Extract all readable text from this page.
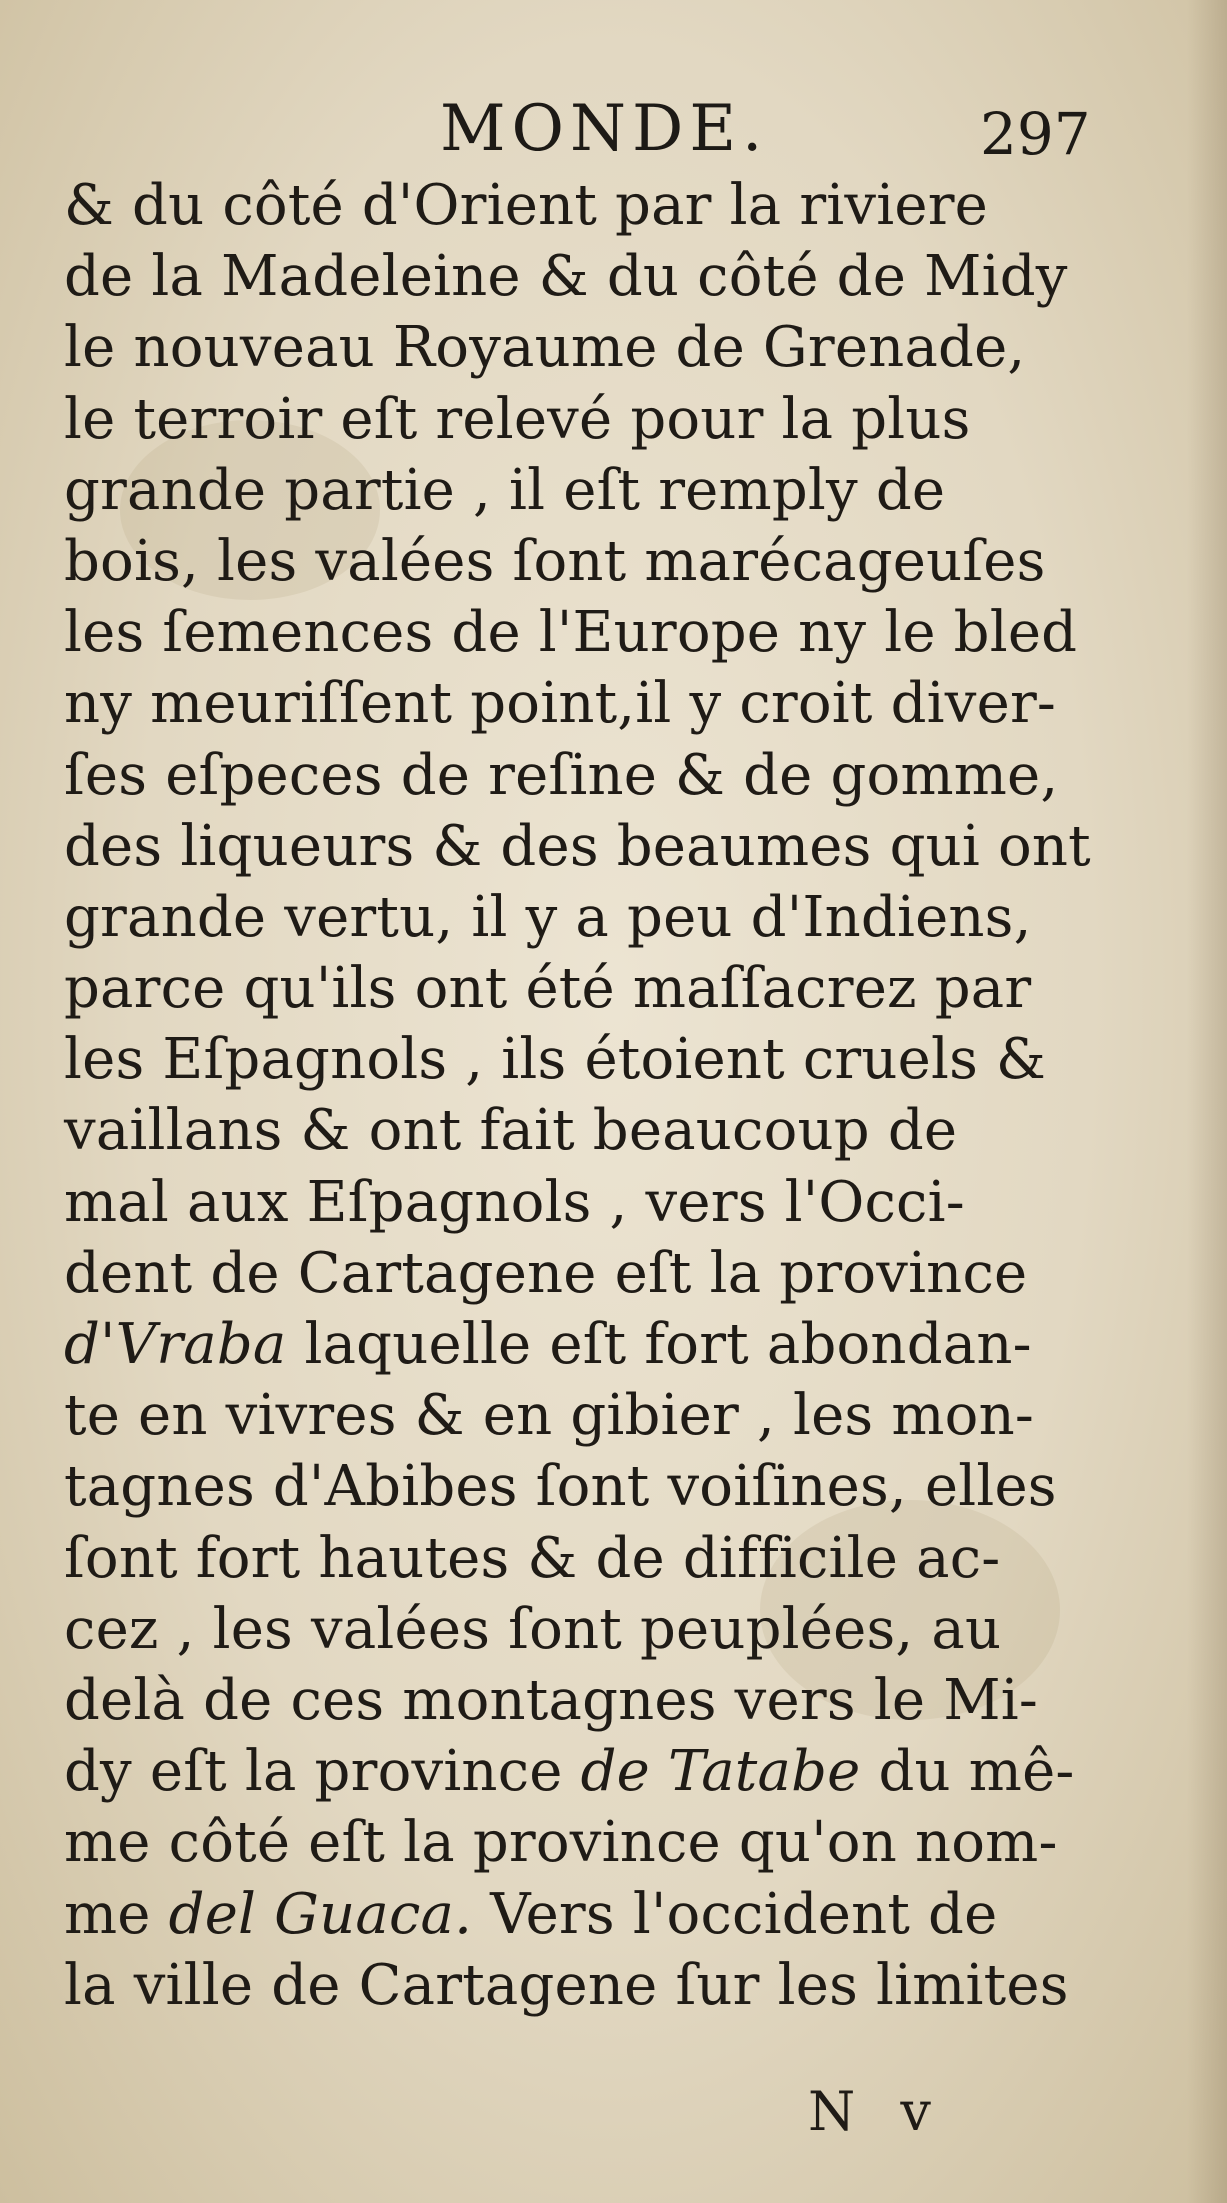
MONDE.	297
& du côté d'Orient par la riviere
de la Madeleine & du côté de Midy
le nouveau Royaume de Grenade,
le terroir eſt relevé pour la plus
grande partie , il eſt remply de
bois, les valées ſont marécageuſes
les ſemences de l'Europe ny le bled
ny meuriſſent point,il y croit diver-
ſes eſpeces de reſine & de gomme,
des liqueurs & des beaumes qui ont
grande vertu, il y a peu d'Indiens,
parce qu'ils ont été maſſacrez par
les Eſpagnols , ils étoient cruels &
vaillans & ont fait beaucoup de
mal aux Eſpagnols , vers l'Occi-
dent de Cartagene eſt la province
d'Vraba laquelle eſt fort abondan-
te en vivres & en gibier , les mon-
tagnes d'Abibes ſont voiſines, elles
ſont fort hautes & de difficile ac-
cez , les valées ſont peuplées, au
delà de ces montagnes vers le Mi-
dy eſt la province de Tatabe du mê-
me côté eſt la province qu'on nom-
me del Guaca. Vers l'occident de
la ville de Cartagene ſur les limites
N v
